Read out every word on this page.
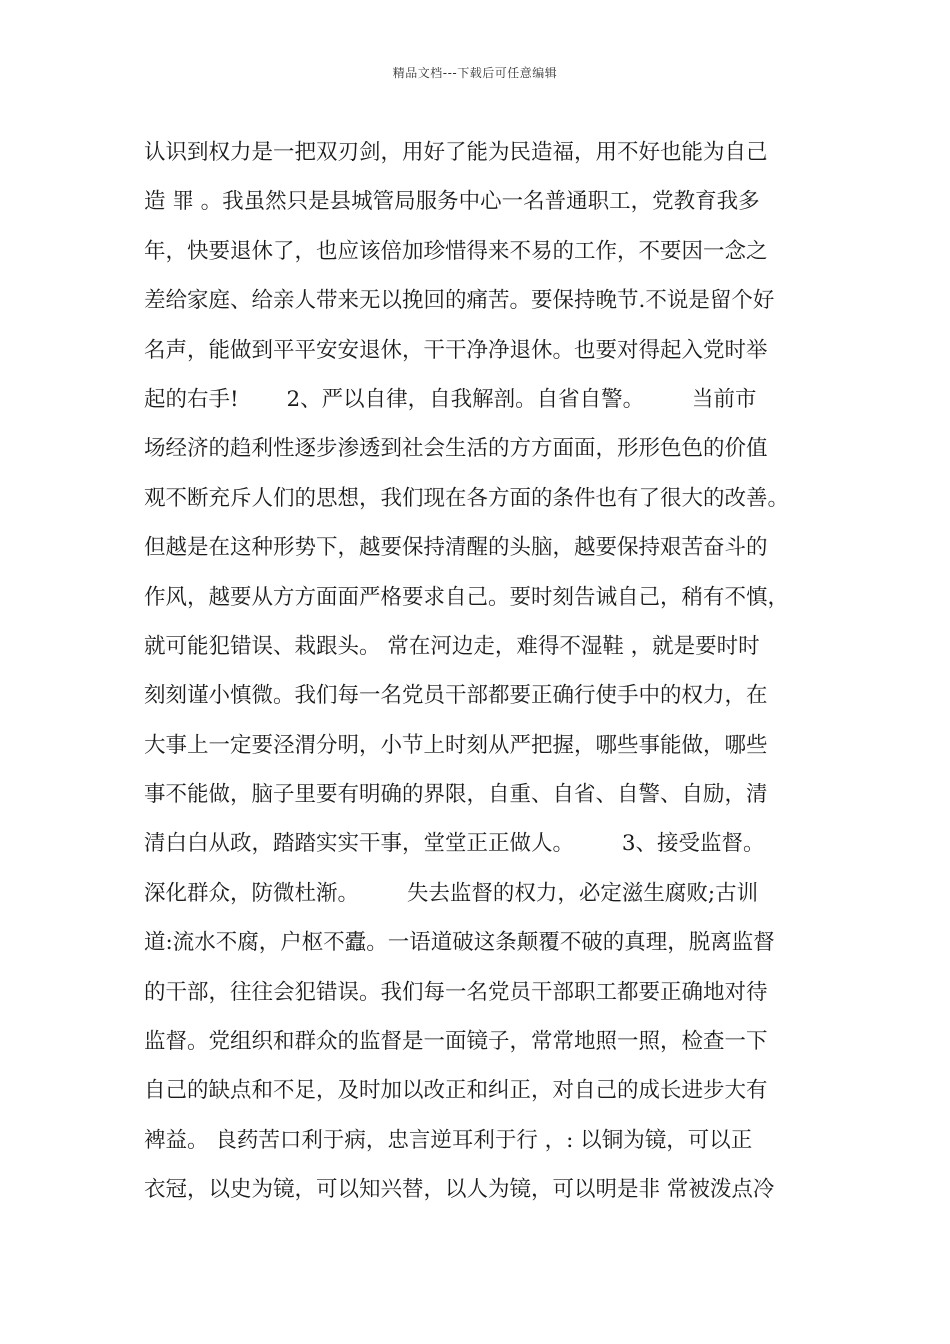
精品文档---下载后可任意编辑
认识到权力是一把双刃剑，用好了能为民造福，用不好也能为自己
造 罪 。我虽然只是县城管局服务中心一名普通职工，党教育我多
年，快要退休了，也应该倍加珍惜得来不易的工作，不要因一念之
差给家庭、给亲人带来无以挽回的痛苦。要保持晚节.不说是留个好
名声，能做到平平安安退休，干干净净退休。也要对得起入党时举
起的右手!       2、严以自律，自我解剖。自省自警。       当前市
场经济的趋利性逐步渗透到社会生活的方方面面，形形色色的价值
观不断充斥人们的思想，我们现在各方面的条件也有了很大的改善。
但越是在这种形势下，越要保持清醒的头脑，越要保持艰苦奋斗的
作风，越要从方方面面严格要求自己。要时刻告诫自己，稍有不慎，
就可能犯错误、栽跟头。 常在河边走，难得不湿鞋 ，就是要时时
刻刻谨小慎微。我们每一名党员干部都要正确行使手中的权力，在
大事上一定要泾渭分明，小节上时刻从严把握，哪些事能做，哪些
事不能做，脑子里要有明确的界限，自重、自省、自警、自励，清
清白白从政，踏踏实实干事，堂堂正正做人。       3、接受监督。
深化群众，防微杜渐。       失去监督的权力，必定滋生腐败;古训
道:流水不腐，户枢不蠹。一语道破这条颠覆不破的真理，脱离监督
的干部，往往会犯错误。我们每一名党员干部职工都要正确地对待
监督。党组织和群众的监督是一面镜子，常常地照一照，检查一下
自己的缺点和不足，及时加以改正和纠正，对自己的成长进步大有
裨益。 良药苦口利于病，忠言逆耳利于行 ，: 以铜为镜，可以正
衣冠，以史为镜，可以知兴替，以人为镜，可以明是非 常被泼点冷
